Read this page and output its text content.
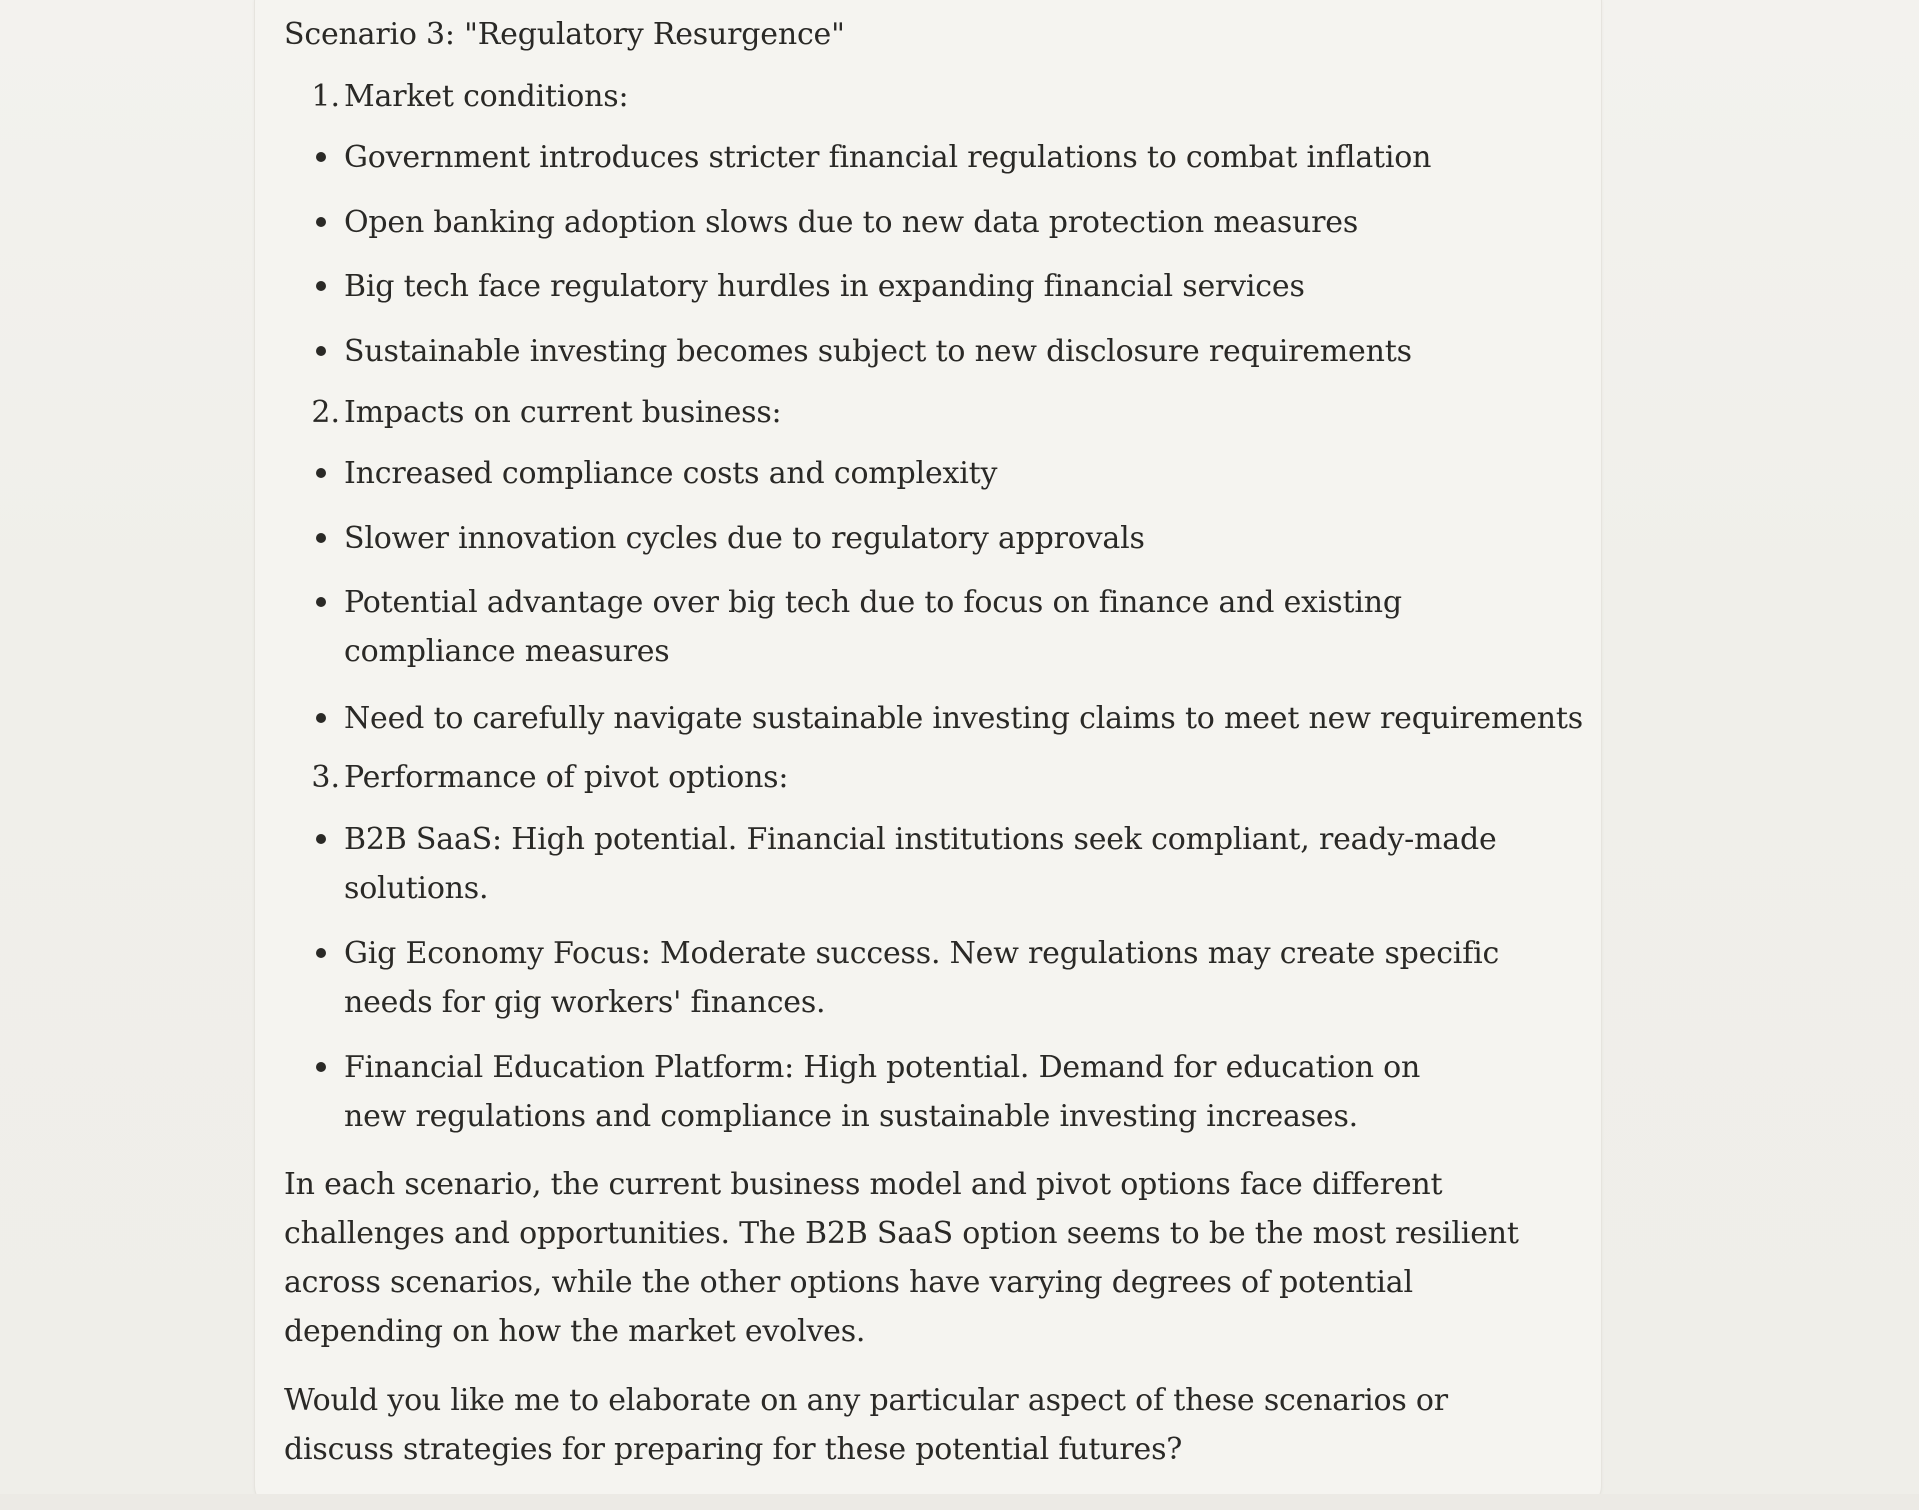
Scenario 3: "Regulatory Resurgence"
1. Market conditions:
Government introduces stricter financial regulations to combat inflation
Open banking adoption slows due to new data protection measures
Big tech face regulatory hurdles in expanding financial services
Sustainable investing becomes subject to new disclosure requirements
2. Impacts on current business:
Increased compliance costs and complexity
Slower innovation cycles due to regulatory approvals
Potential advantage over big tech due to focus on finance and existing compliance measures
Need to carefully navigate sustainable investing claims to meet new requirements
3. Performance of pivot options:
B2B SaaS: High potential. Financial institutions seek compliant, ready-made solutions.
Gig Economy Focus: Moderate success. New regulations may create specific needs for gig workers' finances.
Financial Education Platform: High potential. Demand for education on new regulations and compliance in sustainable investing increases.
In each scenario, the current business model and pivot options face different challenges and opportunities. The B2B SaaS option seems to be the most resilient across scenarios, while the other options have varying degrees of potential depending on how the market evolves.
Would you like me to elaborate on any particular aspect of these scenarios or discuss strategies for preparing for these potential futures?
